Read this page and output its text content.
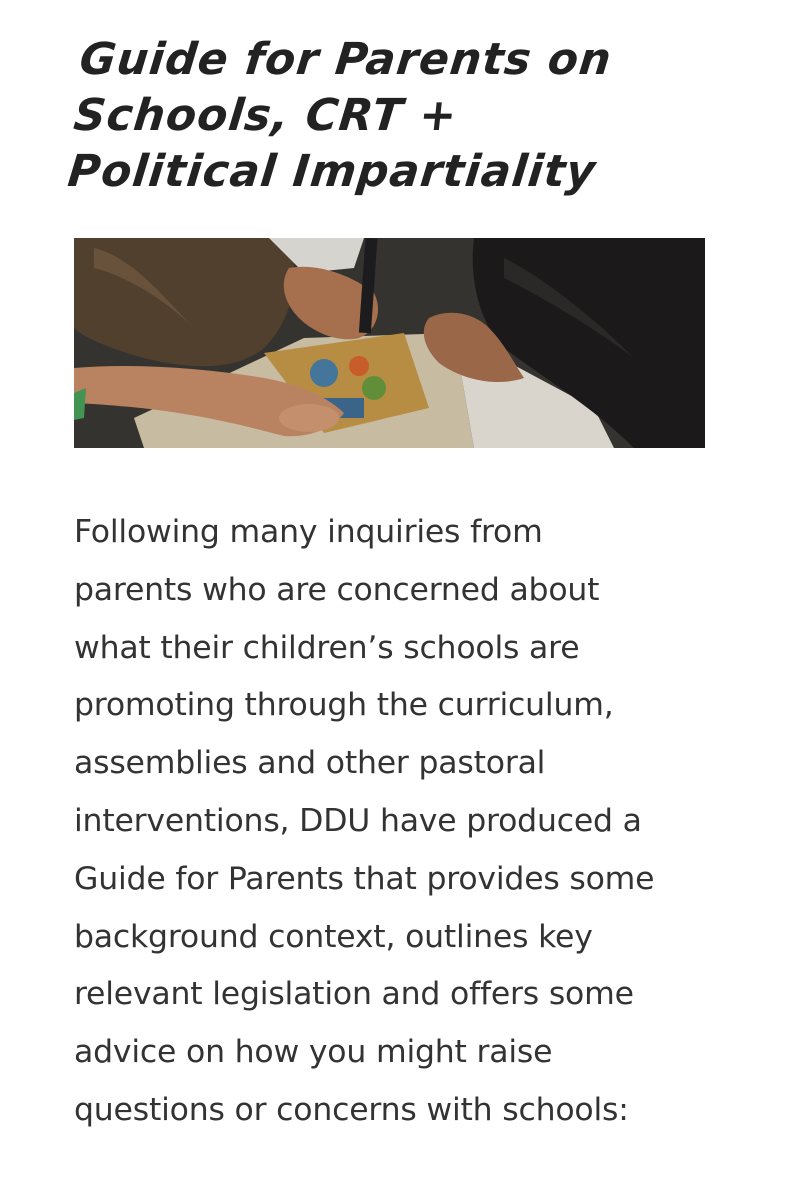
Guide for Parents on
Schools, CRT +
Political Impartiality

Following many inquiries from
parents who are concerned about
what their children’s schools are
promoting through the curriculum,
assemblies and other pastoral
interventions, DDU have produced a
Guide for Parents that provides some
background context, outlines key
relevant legislation and offers some
advice on how you might raise
questions or concerns with schools:
